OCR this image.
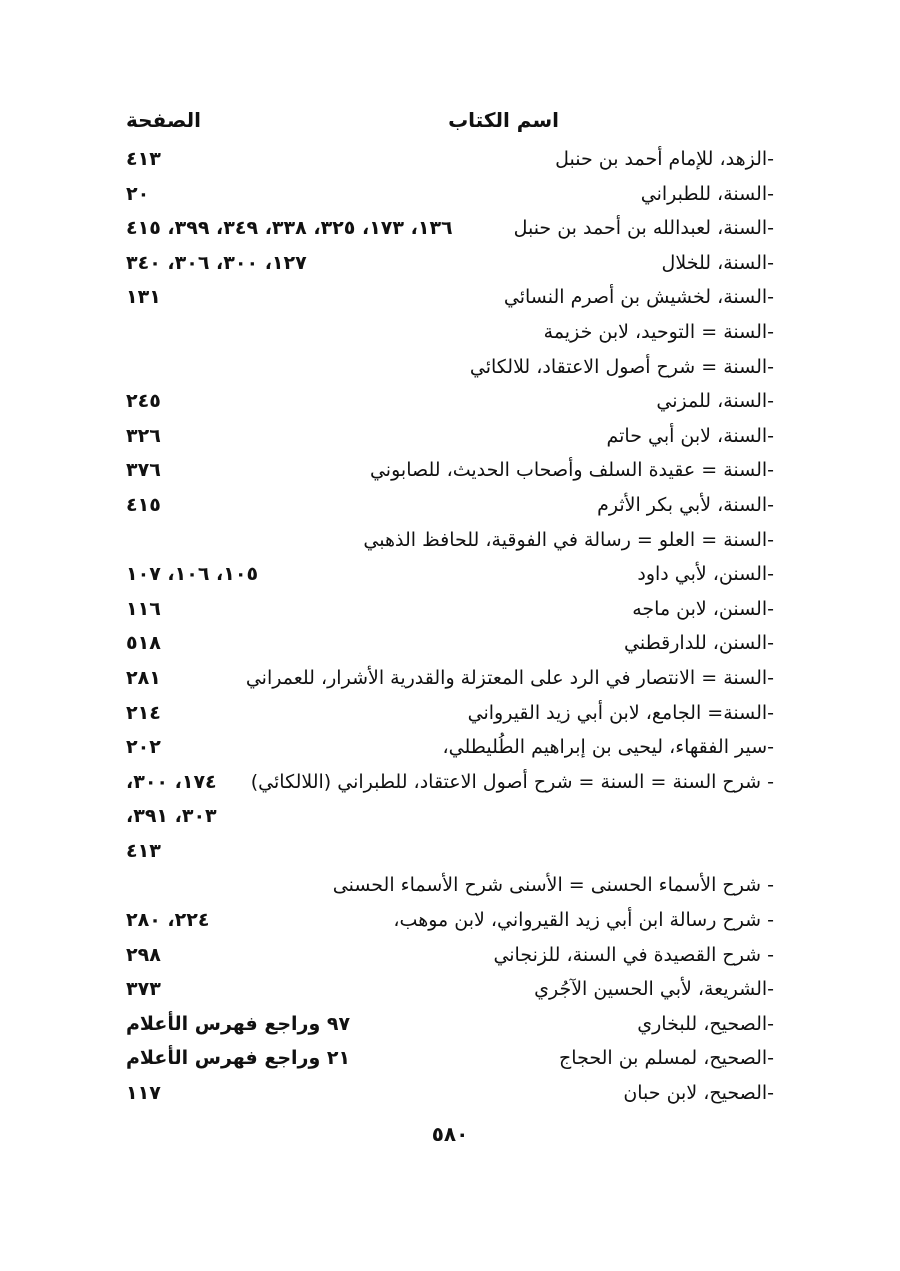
اسم الكتاب
الصفحة
-الزهد، للإمام أحمد بن حنبل
٤١٣
-السنة، للطبراني
٢٠
-السنة، لعبدالله بن أحمد بن حنبل
١٣٦، ١٧٣، ٣٢٥، ٣٣٨، ٣٤٩، ٣٩٩، ٤١٥
-السنة، للخلال
١٢٧، ٣٠٠، ٣٠٦، ٣٤٠
-السنة، لخشيش بن أصرم النسائي
١٣١
-السنة = التوحيد، لابن خزيمة
-السنة = شرح أصول الاعتقاد، للالكائي
-السنة، للمزني
٢٤٥
-السنة، لابن أبي حاتم
٣٢٦
-السنة = عقيدة السلف وأصحاب الحديث، للصابوني
٣٧٦
-السنة، لأبي بكر الأثرم
٤١٥
-السنة = العلو = رسالة في الفوقية، للحافظ الذهبي
-السنن، لأبي داود
١٠٥، ١٠٦، ١٠٧
-السنن، لابن ماجه
١١٦
-السنن، للدارقطني
٥١٨
-السنة = الانتصار في الرد على المعتزلة والقدرية الأشرار، للعمراني
٢٨١
-السنة= الجامع، لابن أبي زيد القيرواني
٢١٤
-سير الفقهاء، ليحيى بن إبراهيم الطُليطلي،
٢٠٢
- شرح السنة = السنة = شرح أصول الاعتقاد، للطبراني (اللالكائي)
١٧٤، ٣٠٠،
٣٠٣، ٣٩١،
٤١٣
- شرح الأسماء الحسنى = الأسنى شرح الأسماء الحسنى
- شرح رسالة ابن أبي زيد القيرواني، لابن موهب،
٢٢٤، ٢٨٠
- شرح القصيدة في السنة، للزنجاني
٢٩٨
-الشريعة، لأبي الحسين الآجُري
٣٧٣
-الصحيح، للبخاري
٩٧ وراجع فهرس الأعلام
-الصحيح، لمسلم بن الحجاج
٢١ وراجع فهرس الأعلام
-الصحيح، لابن حبان
١١٧
٥٨٠
